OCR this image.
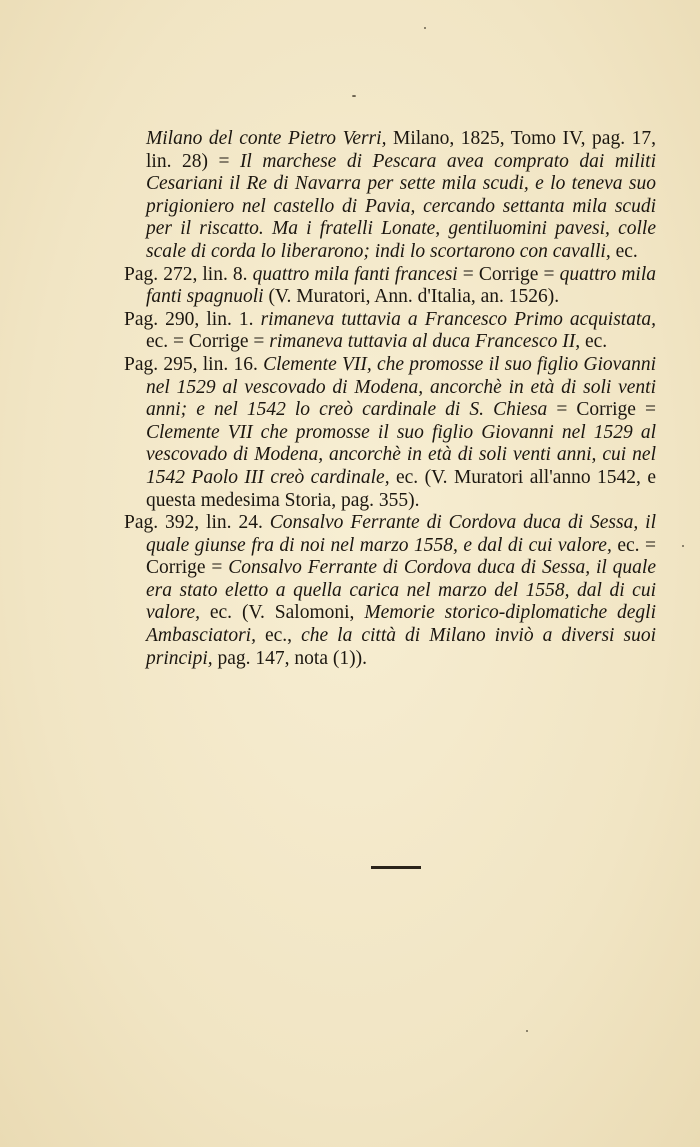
Milano del conte Pietro Verri, Milano, 1825, Tomo IV, pag. 17, lin. 28) = Il marchese di Pescara avea comprato dai militi Cesariani il Re di Navarra per sette mila scudi, e lo teneva suo prigioniero nel castello di Pavia, cercando settanta mila scudi per il riscatto. Ma i fratelli Lonate, gentiluomini pavesi, colle scale di corda lo liberarono; indi lo scortarono con cavalli, ec.

Pag. 272, lin. 8. quattro mila fanti francesi = Corrige = quattro mila fanti spagnuoli (V. Muratori, Ann. d'Italia, an. 1526).

Pag. 290, lin. 1. rimaneva tuttavia a Francesco Primo acquistata, ec. = Corrige = rimaneva tuttavia al duca Francesco II, ec.

Pag. 295, lin. 16. Clemente VII, che promosse il suo figlio Giovanni nel 1529 al vescovado di Modena, ancorchè in età di soli venti anni; e nel 1542 lo creò cardinale di S. Chiesa = Corrige = Clemente VII che promosse il suo figlio Giovanni nel 1529 al vescovado di Modena, ancorchè in età di soli venti anni, cui nel 1542 Paolo III creò cardinale, ec. (V. Muratori all'anno 1542, e questa medesima Storia, pag. 355).

Pag. 392, lin. 24. Consalvo Ferrante di Cordova duca di Sessa, il quale giunse fra di noi nel marzo 1558, e dal di cui valore, ec. = Corrige = Consalvo Ferrante di Cordova duca di Sessa, il quale era stato eletto a quella carica nel marzo del 1558, dal di cui valore, ec. (V. Salomoni, Memorie storico-diplomatiche degli Ambasciatori, ec., che la città di Milano inviò a diversi suoi principi, pag. 147, nota (1)).
